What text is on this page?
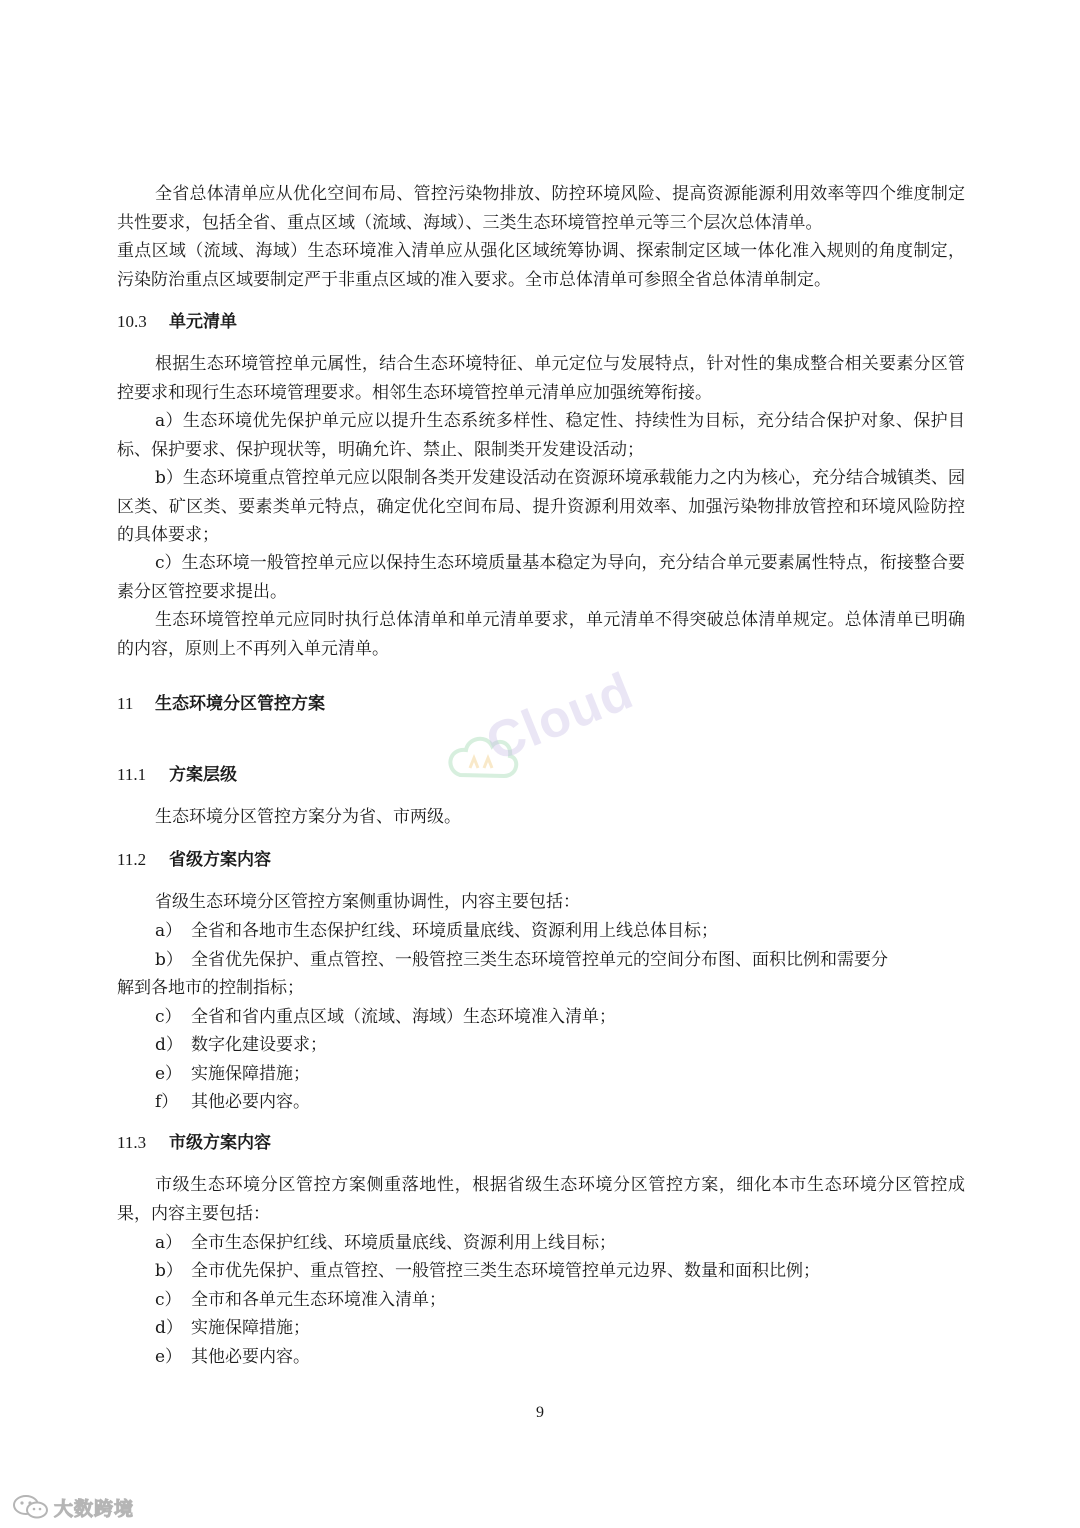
全省总体清单应从优化空间布局、管控污染物排放、防控环境风险、提高资源能源利用效率等四个维度制定共性要求，包括全省、重点区域（流域、海域）、三类生态环境管控单元等三个层次总体清单。

重点区域（流域、海域）生态环境准入清单应从强化区域统筹协调、探索制定区域一体化准入规则的角度制定，污染防治重点区域要制定严于非重点区域的准入要求。全市总体清单可参照全省总体清单制定。

10.3 单元清单

根据生态环境管控单元属性，结合生态环境特征、单元定位与发展特点，针对性的集成整合相关要素分区管控要求和现行生态环境管理要求。相邻生态环境管控单元清单应加强统筹衔接。

a）生态环境优先保护单元应以提升生态系统多样性、稳定性、持续性为目标，充分结合保护对象、保护目标、保护要求、保护现状等，明确允许、禁止、限制类开发建设活动；

b）生态环境重点管控单元应以限制各类开发建设活动在资源环境承载能力之内为核心，充分结合城镇类、园区类、矿区类、要素类单元特点，确定优化空间布局、提升资源利用效率、加强污染物排放管控和环境风险防控的具体要求；

c）生态环境一般管控单元应以保持生态环境质量基本稳定为导向，充分结合单元要素属性特点，衔接整合要素分区管控要求提出。

生态环境管控单元应同时执行总体清单和单元清单要求，单元清单不得突破总体清单规定。总体清单已明确的内容，原则上不再列入单元清单。

11 生态环境分区管控方案
11.1 方案层级

生态环境分区管控方案分为省、市两级。

11.2 省级方案内容

省级生态环境分区管控方案侧重协调性，内容主要包括：

a） 全省和各地市生态保护红线、环境质量底线、资源利用上线总体目标；

b） 全省优先保护、重点管控、一般管控三类生态环境管控单元的空间分布图、面积比例和需要分

解到各地市的控制指标；

c） 全省和省内重点区域（流域、海域）生态环境准入清单；

d） 数字化建设要求；

e） 实施保障措施；

f） 其他必要内容。

11.3 市级方案内容

市级生态环境分区管控方案侧重落地性，根据省级生态环境分区管控方案，细化本市生态环境分区管控成果，内容主要包括：

a） 全市生态保护红线、环境质量底线、资源利用上线目标；

b） 全市优先保护、重点管控、一般管控三类生态环境管控单元边界、数量和面积比例；

c） 全市和各单元生态环境准入清单；

d） 实施保障措施；

e） 其他必要内容。

Cloud
9
大数跨境
